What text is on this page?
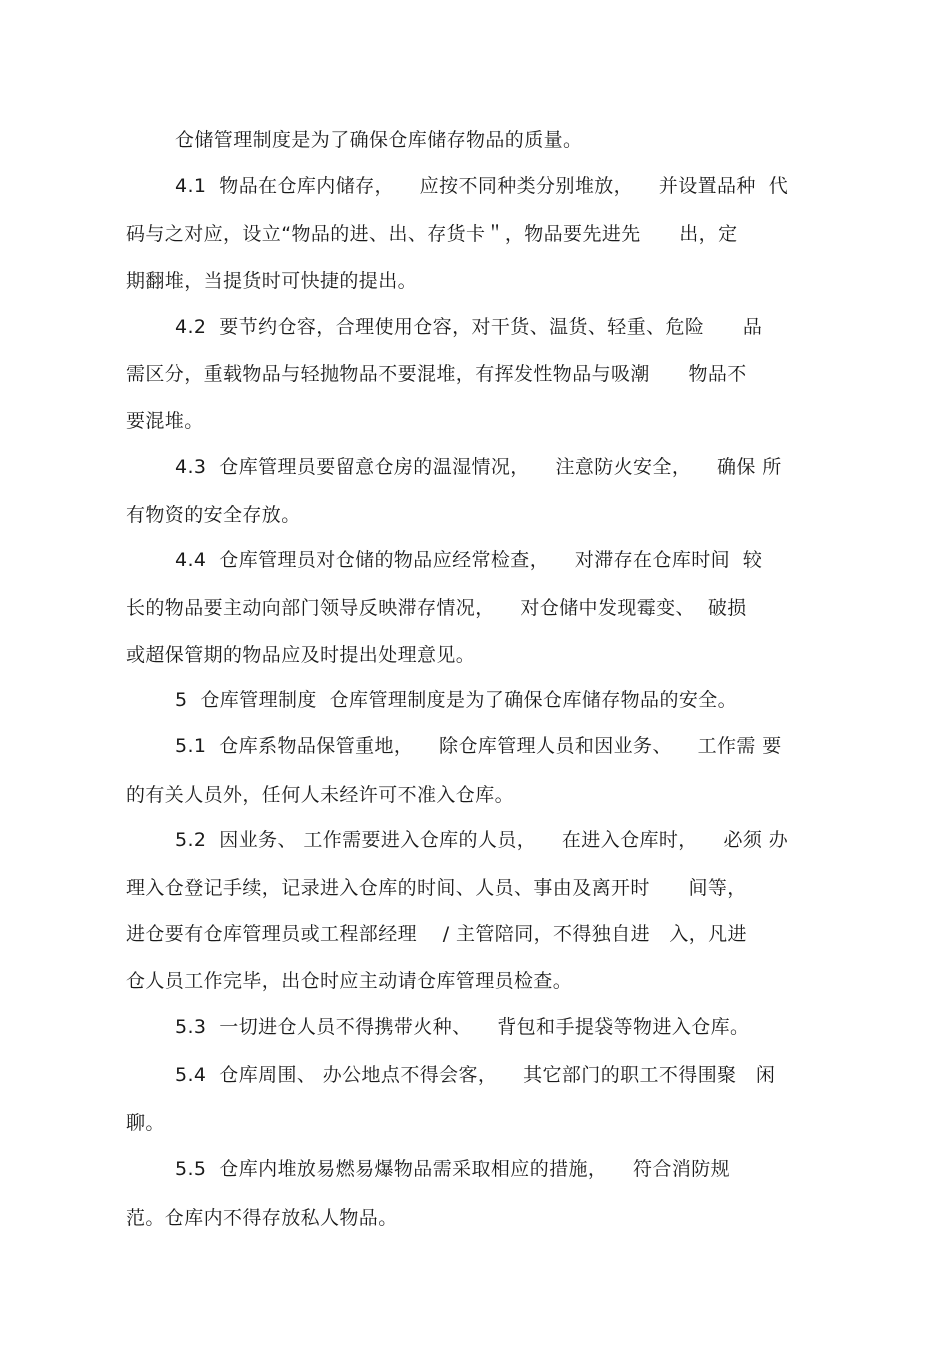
仓储管理制度是为了确保仓库储存物品的质量。
4.1  物品在仓库内储存，    应按不同种类分别堆放，    并设置品种  代
码与之对应，设立“物品的进、出、存货卡＂，物品要先进先      出，定
期翻堆，当提货时可快捷的提出。
4.2  要节约仓容，合理使用仓容，对干货、温货、轻重、危险      品
需区分，重载物品与轻抛物品不要混堆，有挥发性物品与吸潮      物品不
要混堆。
4.3  仓库管理员要留意仓房的温湿情况，    注意防火安全，    确保 所
有物资的安全存放。
4.4  仓库管理员对仓储的物品应经常检查，    对滞存在仓库时间  较
长的物品要主动向部门领导反映滞存情况，    对仓储中发现霉变、  破损
或超保管期的物品应及时提出处理意见。
5  仓库管理制度  仓库管理制度是为了确保仓库储存物品的安全。
5.1  仓库系物品保管重地，    除仓库管理人员和因业务、    工作需 要
的有关人员外，任何人未经许可不准入仓库。
5.2  因业务、 工作需要进入仓库的人员，    在进入仓库时，    必须 办
理入仓登记手续，记录进入仓库的时间、人员、事由及离开时      间等，
进仓要有仓库管理员或工程部经理    / 主管陪同，不得独自进   入，凡进
仓人员工作完毕，出仓时应主动请仓库管理员检查。
5.3  一切进仓人员不得携带火种、    背包和手提袋等物进入仓库。
5.4  仓库周围、 办公地点不得会客，    其它部门的职工不得围聚   闲
聊。
5.5  仓库内堆放易燃易爆物品需采取相应的措施，    符合消防规
范。仓库内不得存放私人物品。
